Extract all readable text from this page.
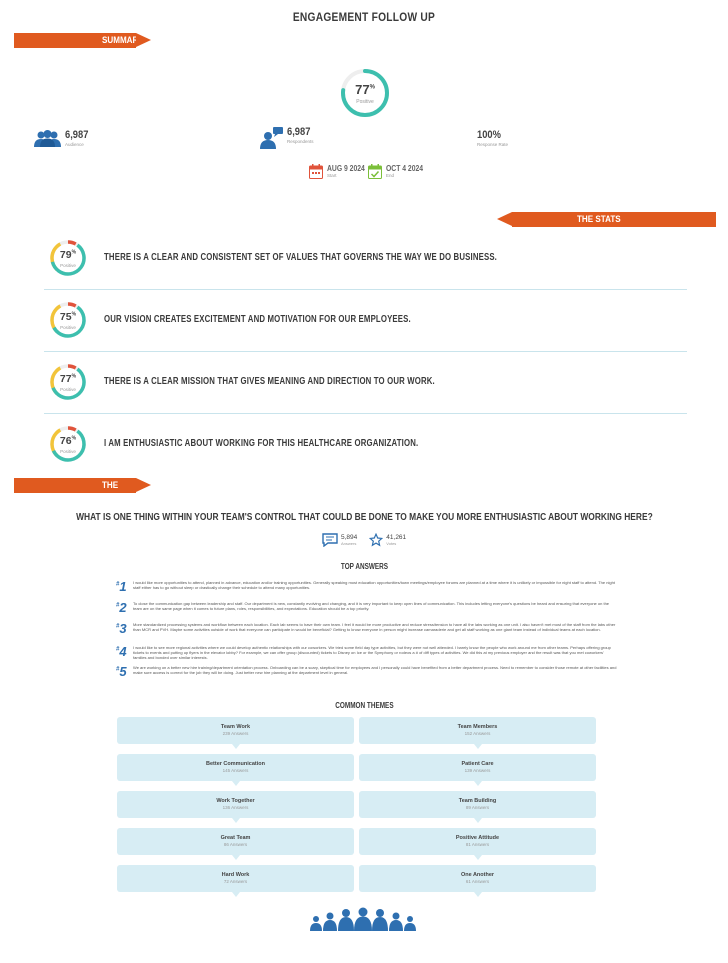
ENGAGEMENT FOLLOW UP
SUMMARY
77%
Positive
6,987
Audience
6,987
Respondents
100%
Response Rate
AUG 9 2024
Start
OCT 4 2024
End
THE STATS
79%
Positive
THERE IS A CLEAR AND CONSISTENT SET OF VALUES THAT GOVERNS THE WAY WE DO BUSINESS.
75%
Positive
OUR VISION CREATES EXCITEMENT AND MOTIVATION FOR OUR EMPLOYEES.
77%
Positive
THERE IS A CLEAR MISSION THAT GIVES MEANING AND DIRECTION TO OUR WORK.
76%
Positive
I AM ENTHUSIASTIC ABOUT WORKING FOR THIS HEALTHCARE ORGANIZATION.
THE VOICE
WHAT IS ONE THING WITHIN YOUR TEAM'S CONTROL THAT COULD BE DONE TO MAKE YOU MORE ENTHUSIASTIC ABOUT WORKING HERE?
5,894
Answers
41,261
Votes
TOP ANSWERS
#1 I would like more opportunities to attend, planned in advance, education and/or training opportunities. Generally speaking most education opportunities/town meetings/employee forums are planned at a time where it is unlikely or impossible for night staff to attend. The night staff either has to go without sleep or drastically change their schedule to attend many opportunities.
#2 To close the communication gap between leadership and staff. Our department is new, constantly evolving and changing, and it is very important to keep open lines of communication. This includes letting everyone's questions be heard and ensuring that everyone on the team are on the same page when it comes to future plans, roles, responsibilities, and expectations. Education should be a top priority.
#3 More standardized processing systems and workflow between each location. Each lab seems to have their own team. I feel it would be more productive and reduce stress/tension to have all the labs working as one unit. I also haven't met most of the staff from the labs other than MCR and PVH. Maybe some activities outside of work that everyone can participate in would be beneficial? Getting to know everyone in person might increase camaraderie and get all staff working as one giant team instead of individual teams at each location.
#4 I would like to see more regional activities where we could develop authentic relationships with our coworkers. We tried some field day type activities, but they were not well attended. I barely know the people who work around me from other teams. Perhaps offering group tickets to events and putting up flyers in the elevator lobby? For example, we can offer group (discounted) tickets to Disney on Ice or the Symphony or rodeos a # of diff types of activities. We did this at my previous employer and the result was that you met coworkers' families and bonded over similar interests.
#5 We are working on a better new hire training/department orientation process. Onboarding can be a scary, skeptical time for employees and I personally could have benefited from a better department process. Need to remember to consider those remote at other facilities and make sure access is correct for the job they will be doing. Just better new hire planning at the department level in general.
COMMON THEMES
Team Work
239 Answers
Team Members
152 Answers
Better Communication
145 Answers
Patient Care
139 Answers
Work Together
136 Answers
Team Building
89 Answers
Great Team
86 Answers
Positive Attitude
81 Answers
Hard Work
72 Answers
One Another
61 Answers
